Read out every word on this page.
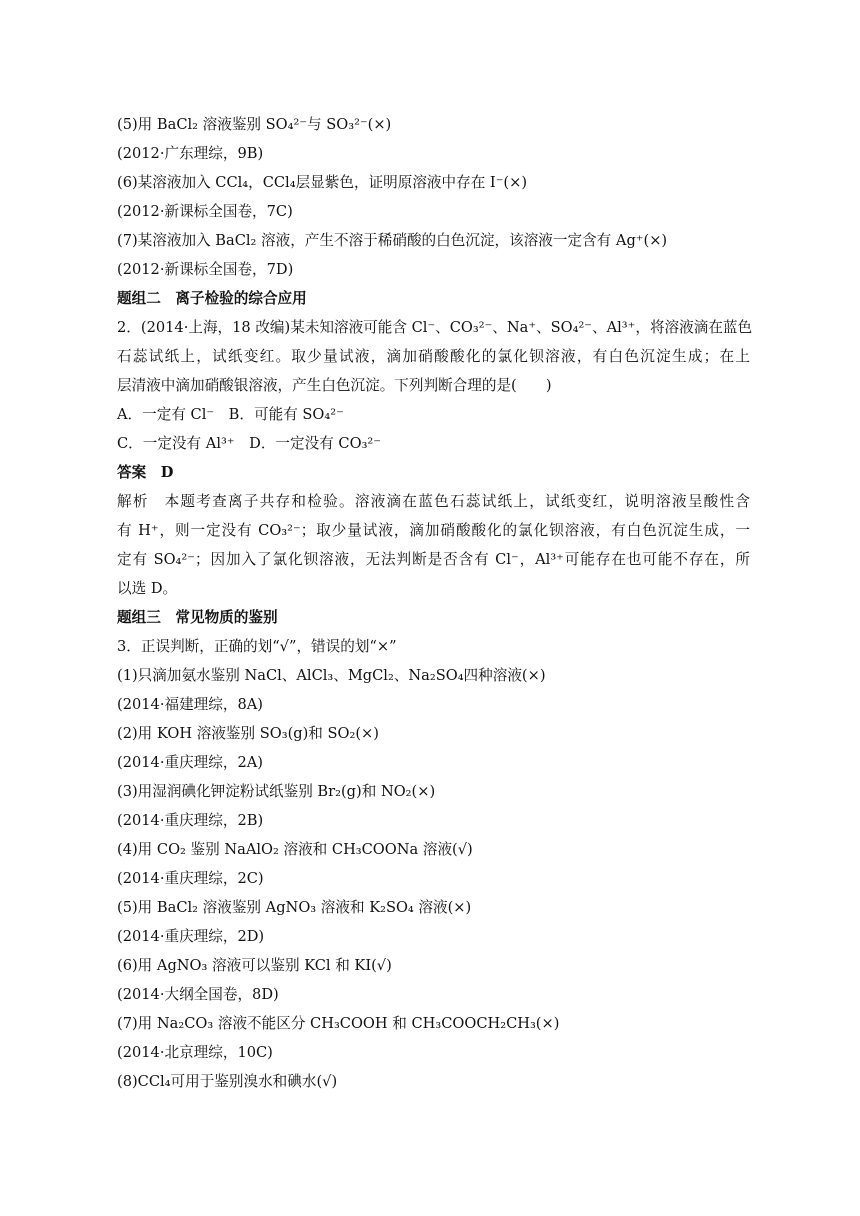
(5)用 BaCl₂ 溶液鉴别 SO₄²⁻与 SO₃²⁻(×)
(2012·广东理综，9B)
(6)某溶液加入 CCl₄，CCl₄层显紫色，证明原溶液中存在 I⁻(×)
(2012·新课标全国卷，7C)
(7)某溶液加入 BaCl₂ 溶液，产生不溶于稀硝酸的白色沉淀，该溶液一定含有 Ag⁺(×)
(2012·新课标全国卷，7D)
题组二　离子检验的综合应用
2．(2014·上海，18 改编)某未知溶液可能含 Cl⁻、CO₃²⁻、Na⁺、SO₄²⁻、Al³⁺，将溶液滴在蓝色
石蕊试纸上，试纸变红。取少量试液，滴加硝酸酸化的氯化钡溶液，有白色沉淀生成；在上
层清液中滴加硝酸银溶液，产生白色沉淀。下列判断合理的是(　　)
A．一定有 Cl⁻　B．可能有 SO₄²⁻
C．一定没有 Al³⁺　D．一定没有 CO₃²⁻
答案　D
解析　本题考查离子共存和检验。溶液滴在蓝色石蕊试纸上，试纸变红，说明溶液呈酸性含
有 H⁺，则一定没有 CO₃²⁻；取少量试液，滴加硝酸酸化的氯化钡溶液，有白色沉淀生成，一
定有 SO₄²⁻；因加入了氯化钡溶液，无法判断是否含有 Cl⁻，Al³⁺可能存在也可能不存在，所
以选 D。
题组三　常见物质的鉴别
3．正误判断，正确的划“√”，错误的划“×”
(1)只滴加氨水鉴别 NaCl、AlCl₃、MgCl₂、Na₂SO₄四种溶液(×)
(2014·福建理综，8A)
(2)用 KOH 溶液鉴别 SO₃(g)和 SO₂(×)
(2014·重庆理综，2A)
(3)用湿润碘化钾淀粉试纸鉴别 Br₂(g)和 NO₂(×)
(2014·重庆理综，2B)
(4)用 CO₂ 鉴别 NaAlO₂ 溶液和 CH₃COONa 溶液(√)
(2014·重庆理综，2C)
(5)用 BaCl₂ 溶液鉴别 AgNO₃ 溶液和 K₂SO₄ 溶液(×)
(2014·重庆理综，2D)
(6)用 AgNO₃ 溶液可以鉴别 KCl 和 KI(√)
(2014·大纲全国卷，8D)
(7)用 Na₂CO₃ 溶液不能区分 CH₃COOH 和 CH₃COOCH₂CH₃(×)
(2014·北京理综，10C)
(8)CCl₄可用于鉴别溴水和碘水(√)
